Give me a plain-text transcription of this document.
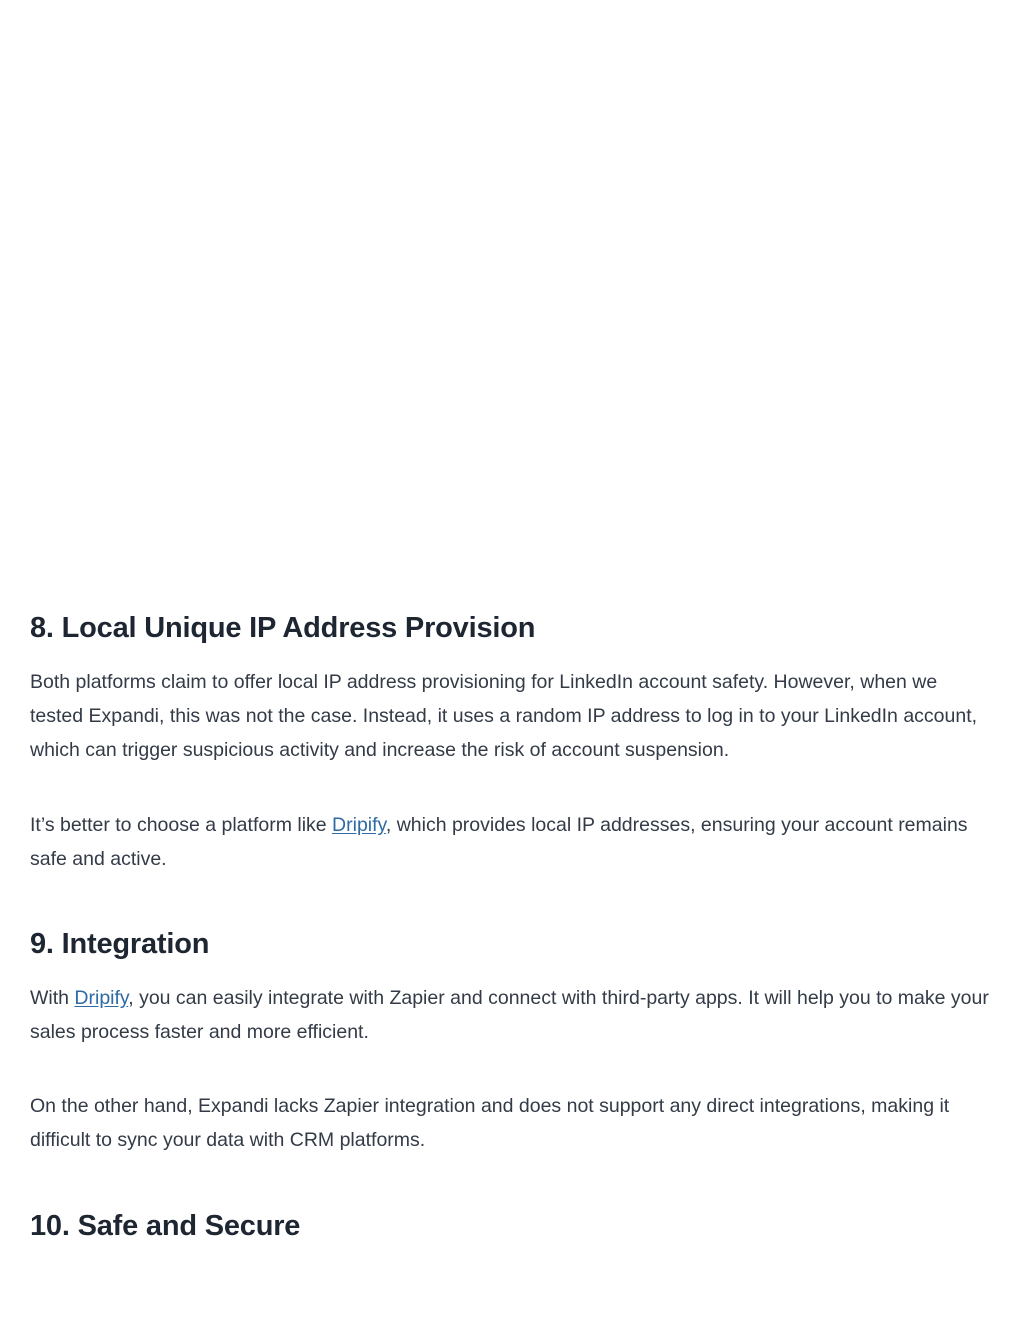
8. Local Unique IP Address Provision

Both platforms claim to offer local IP address provisioning for LinkedIn account safety. However, when we tested Expandi, this was not the case. Instead, it uses a random IP address to log in to your LinkedIn account, which can trigger suspicious activity and increase the risk of account suspension.

It’s better to choose a platform like Dripify, which provides local IP addresses, ensuring your account remains safe and active.

9. Integration

With Dripify, you can easily integrate with Zapier and connect with third-party apps. It will help you to make your sales process faster and more efficient.

On the other hand, Expandi lacks Zapier integration and does not support any direct integrations, making it difficult to sync your data with CRM platforms.

10. Safe and Secure
